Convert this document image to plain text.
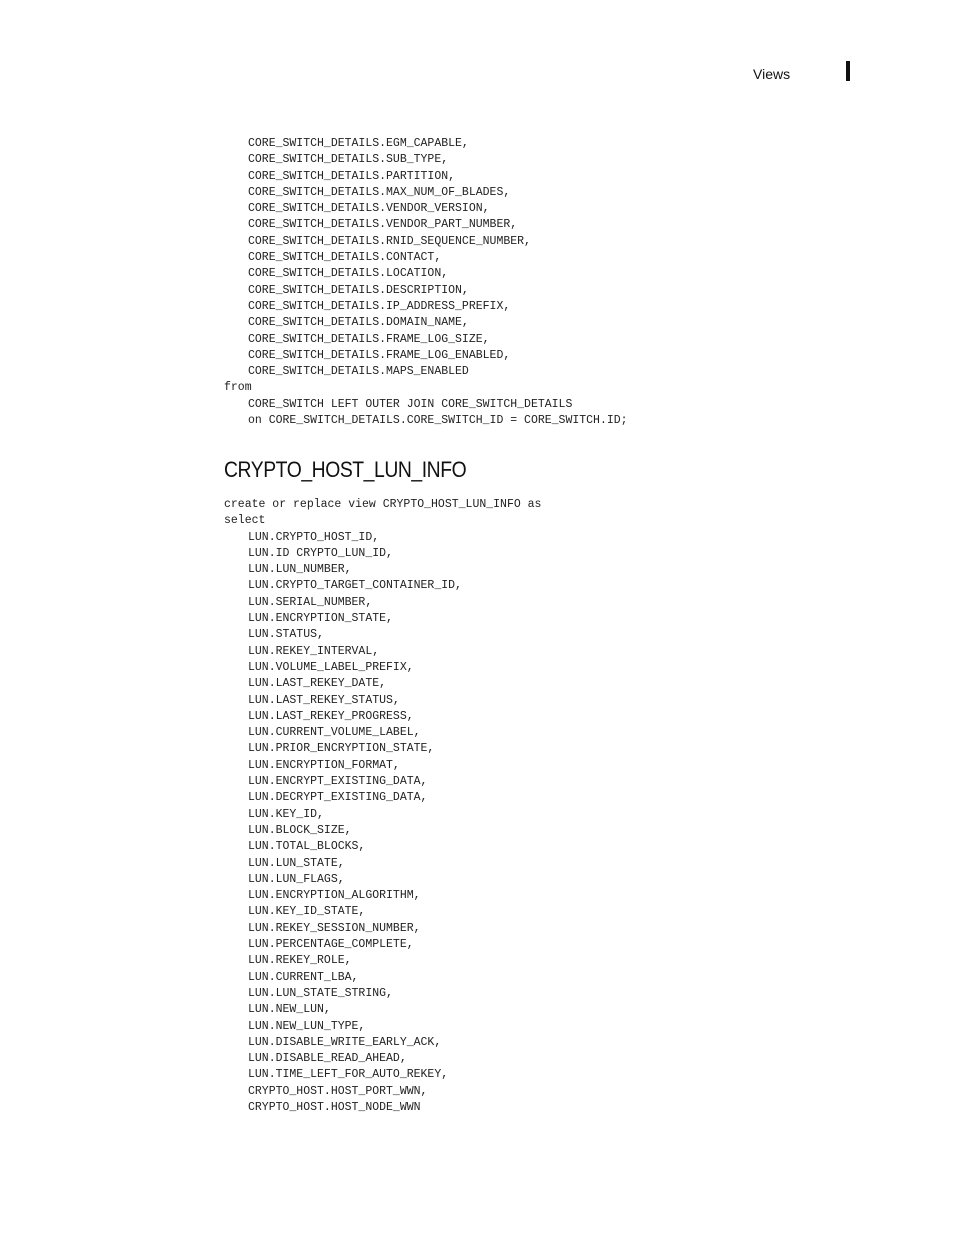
Views
CORE_SWITCH_DETAILS.EGM_CAPABLE,
CORE_SWITCH_DETAILS.SUB_TYPE,
CORE_SWITCH_DETAILS.PARTITION,
CORE_SWITCH_DETAILS.MAX_NUM_OF_BLADES,
CORE_SWITCH_DETAILS.VENDOR_VERSION,
CORE_SWITCH_DETAILS.VENDOR_PART_NUMBER,
CORE_SWITCH_DETAILS.RNID_SEQUENCE_NUMBER,
CORE_SWITCH_DETAILS.CONTACT,
CORE_SWITCH_DETAILS.LOCATION,
CORE_SWITCH_DETAILS.DESCRIPTION,
CORE_SWITCH_DETAILS.IP_ADDRESS_PREFIX,
CORE_SWITCH_DETAILS.DOMAIN_NAME,
CORE_SWITCH_DETAILS.FRAME_LOG_SIZE,
CORE_SWITCH_DETAILS.FRAME_LOG_ENABLED,
CORE_SWITCH_DETAILS.MAPS_ENABLED
from
CORE_SWITCH LEFT OUTER JOIN CORE_SWITCH_DETAILS
on CORE_SWITCH_DETAILS.CORE_SWITCH_ID = CORE_SWITCH.ID;
CRYPTO_HOST_LUN_INFO
create or replace view CRYPTO_HOST_LUN_INFO as
select
LUN.CRYPTO_HOST_ID,
LUN.ID CRYPTO_LUN_ID,
LUN.LUN_NUMBER,
LUN.CRYPTO_TARGET_CONTAINER_ID,
LUN.SERIAL_NUMBER,
LUN.ENCRYPTION_STATE,
LUN.STATUS,
LUN.REKEY_INTERVAL,
LUN.VOLUME_LABEL_PREFIX,
LUN.LAST_REKEY_DATE,
LUN.LAST_REKEY_STATUS,
LUN.LAST_REKEY_PROGRESS,
LUN.CURRENT_VOLUME_LABEL,
LUN.PRIOR_ENCRYPTION_STATE,
LUN.ENCRYPTION_FORMAT,
LUN.ENCRYPT_EXISTING_DATA,
LUN.DECRYPT_EXISTING_DATA,
LUN.KEY_ID,
LUN.BLOCK_SIZE,
LUN.TOTAL_BLOCKS,
LUN.LUN_STATE,
LUN.LUN_FLAGS,
LUN.ENCRYPTION_ALGORITHM,
LUN.KEY_ID_STATE,
LUN.REKEY_SESSION_NUMBER,
LUN.PERCENTAGE_COMPLETE,
LUN.REKEY_ROLE,
LUN.CURRENT_LBA,
LUN.LUN_STATE_STRING,
LUN.NEW_LUN,
LUN.NEW_LUN_TYPE,
LUN.DISABLE_WRITE_EARLY_ACK,
LUN.DISABLE_READ_AHEAD,
LUN.TIME_LEFT_FOR_AUTO_REKEY,
CRYPTO_HOST.HOST_PORT_WWN,
CRYPTO_HOST.HOST_NODE_WWN
